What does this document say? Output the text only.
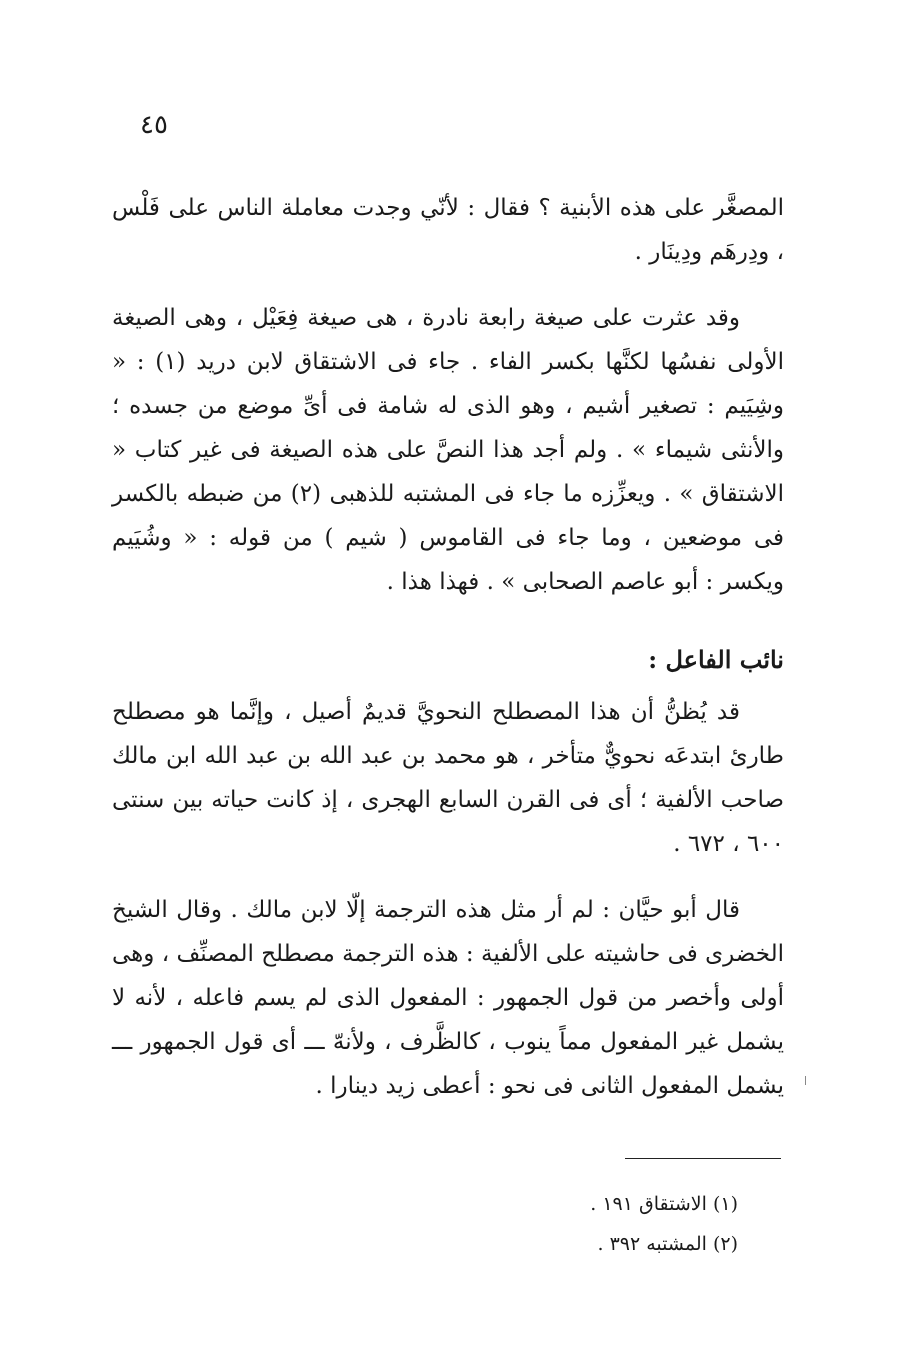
٤٥

المصغَّر على هذه الأبنية ؟ فقال : لأنّي وجدت معاملة الناس على فَلْس ، ودِرهَم ودِينَار .

وقد عثرت على صيغة رابعة نادرة ، هى صيغة فِعَيْل ، وهى الصيغة الأولى نفسُها لكنَّها بكسر الفاء . جاء فى الاشتقاق لابن دريد (١) : « وشِيَيم : تصغير أشيم ، وهو الذى له شامة فى أىِّ موضع من جسده ؛ والأنثى شيماء » . ولم أجد هذا النصَّ على هذه الصيغة فى غير كتاب « الاشتقاق » . ويعزِّزه ما جاء فى المشتبه للذهبى (٢) من ضبطه بالكسر فى موضعين ، وما جاء فى القاموس ( شيم ) من قوله : « وشُيَيم ويكسر : أبو عاصم الصحابى » . فهذا هذا .

نائب الفاعل :

قد يُظنُّ أن هذا المصطلح النحويَّ قديمٌ أصيل ، وإنَّما هو مصطلح طارئ ابتدعَه نحويٌّ متأخر ، هو محمد بن عبد الله بن عبد الله ابن مالك صاحب الألفية ؛ أى فى القرن السابع الهجرى ، إذ كانت حياته بين سنتى ٦٠٠ ، ٦٧٢ .

قال أبو حيَّان : لم أر مثل هذه الترجمة إلّا لابن مالك . وقال الشيخ الخضرى فى حاشيته على الألفية : هذه الترجمة مصطلح المصنِّف ، وهى أولى وأخصر من قول الجمهور : المفعول الذى لم يسم فاعله ، لأنه لا يشمل غير المفعول مماً ينوب ، كالظَّرف ، ولأنهّ ـــ أى قول الجمهور ـــ يشمل المفعول الثانى فى نحو : أعطى زيد دينارا .

(١) الاشتقاق ١٩١ .
(٢) المشتبه ٣٩٢ .
